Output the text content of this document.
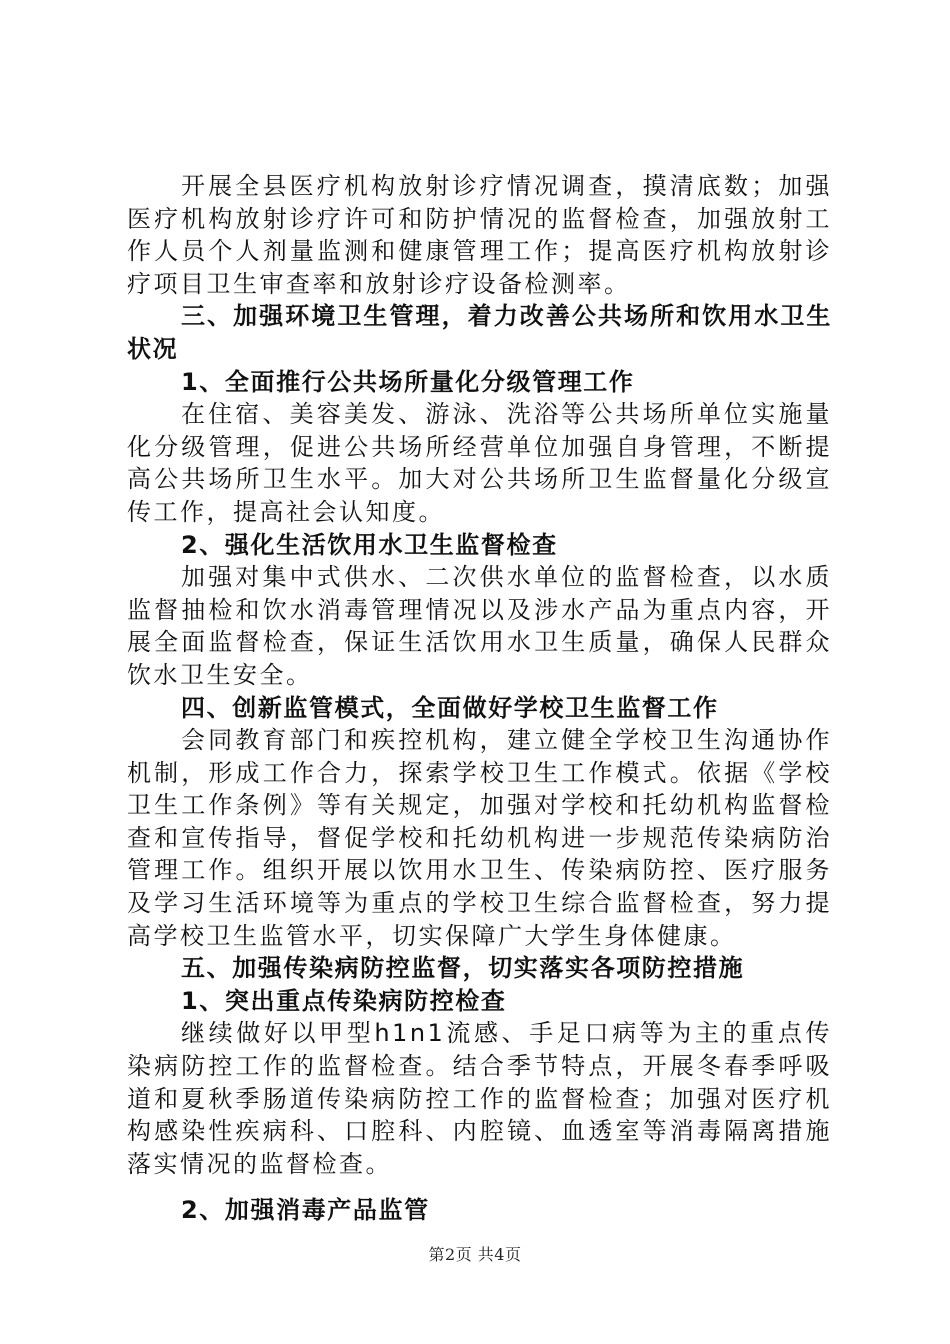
开展全县医疗机构放射诊疗情况调查，摸清底数；加强医疗机构放射诊疗许可和防护情况的监督检查，加强放射工作人员个人剂量监测和健康管理工作；提高医疗机构放射诊疗项目卫生审查率和放射诊疗设备检测率。

三、加强环境卫生管理，着力改善公共场所和饮用水卫生状况

1、全面推行公共场所量化分级管理工作

在住宿、美容美发、游泳、洗浴等公共场所单位实施量化分级管理，促进公共场所经营单位加强自身管理，不断提高公共场所卫生水平。加大对公共场所卫生监督量化分级宣传工作，提高社会认知度。

2、强化生活饮用水卫生监督检查

加强对集中式供水、二次供水单位的监督检查，以水质监督抽检和饮水消毒管理情况以及涉水产品为重点内容，开展全面监督检查，保证生活饮用水卫生质量，确保人民群众饮水卫生安全。

四、创新监管模式，全面做好学校卫生监督工作

会同教育部门和疾控机构，建立健全学校卫生沟通协作机制，形成工作合力，探索学校卫生工作模式。依据《学校卫生工作条例》等有关规定，加强对学校和托幼机构监督检查和宣传指导，督促学校和托幼机构进一步规范传染病防治管理工作。组织开展以饮用水卫生、传染病防控、医疗服务及学习生活环境等为重点的学校卫生综合监督检查，努力提高学校卫生监管水平，切实保障广大学生身体健康。

五、加强传染病防控监督，切实落实各项防控措施

1、突出重点传染病防控检查

继续做好以甲型h1n1流感、手足口病等为主的重点传染病防控工作的监督检查。结合季节特点，开展冬春季呼吸道和夏秋季肠道传染病防控工作的监督检查；加强对医疗机构感染性疾病科、口腔科、内腔镜、血透室等消毒隔离措施落实情况的监督检查。

2、加强消毒产品监管

第2页 共4页
